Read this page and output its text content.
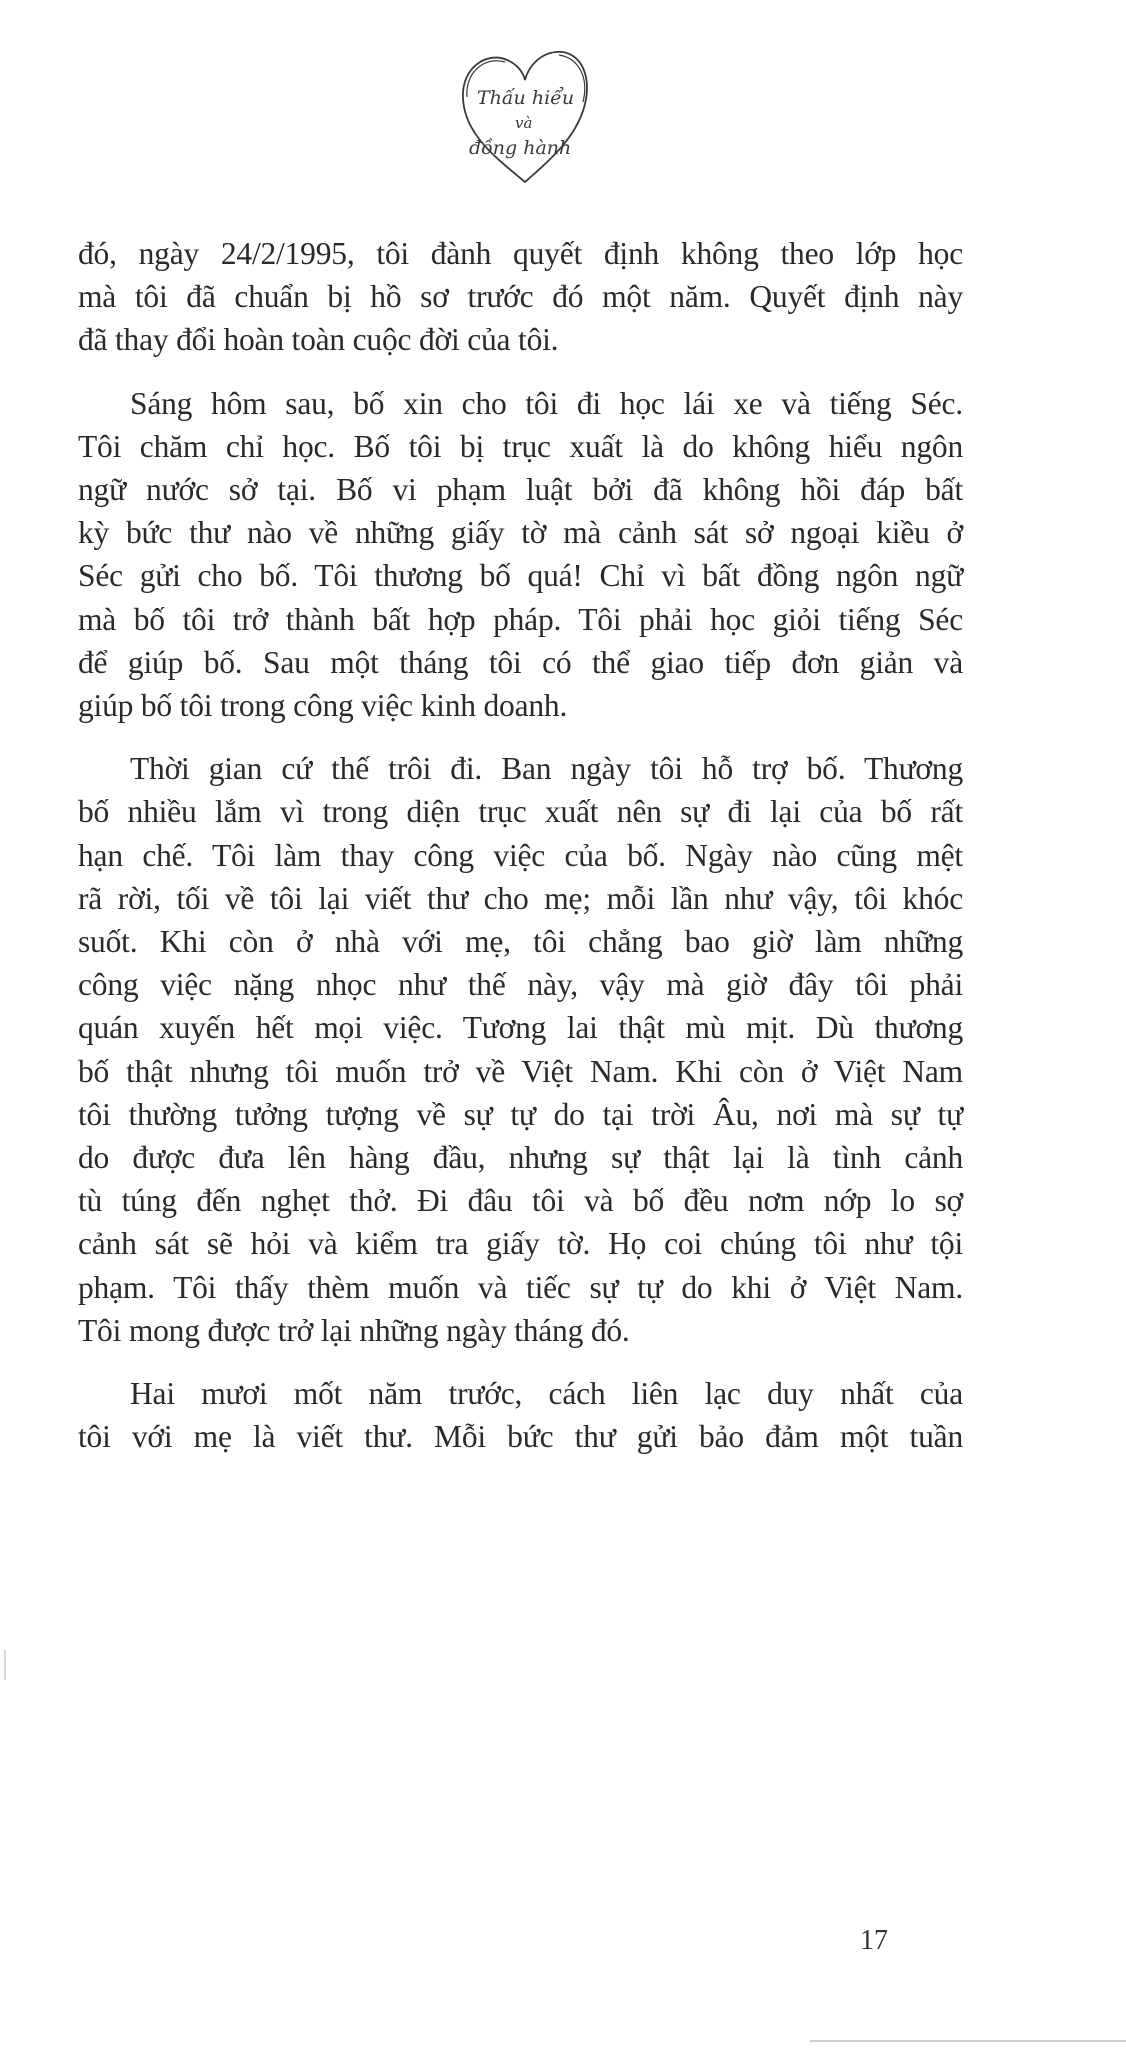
Thấu hiểu
và
đồng hành

đó, ngày 24/2/1995, tôi đành quyết định không theo lớp học
mà tôi đã chuẩn bị hồ sơ trước đó một năm. Quyết định này
đã thay đổi hoàn toàn cuộc đời của tôi.

Sáng hôm sau, bố xin cho tôi đi học lái xe và tiếng Séc.
Tôi chăm chỉ học. Bố tôi bị trục xuất là do không hiểu ngôn
ngữ nước sở tại. Bố vi phạm luật bởi đã không hồi đáp bất
kỳ bức thư nào về những giấy tờ mà cảnh sát sở ngoại kiều ở
Séc gửi cho bố. Tôi thương bố quá! Chỉ vì bất đồng ngôn ngữ
mà bố tôi trở thành bất hợp pháp. Tôi phải học giỏi tiếng Séc
để giúp bố. Sau một tháng tôi có thể giao tiếp đơn giản và
giúp bố tôi trong công việc kinh doanh.

Thời gian cứ thế trôi đi. Ban ngày tôi hỗ trợ bố. Thương
bố nhiều lắm vì trong diện trục xuất nên sự đi lại của bố rất
hạn chế. Tôi làm thay công việc của bố. Ngày nào cũng mệt
rã rời, tối về tôi lại viết thư cho mẹ; mỗi lần như vậy, tôi khóc
suốt. Khi còn ở nhà với mẹ, tôi chẳng bao giờ làm những
công việc nặng nhọc như thế này, vậy mà giờ đây tôi phải
quán xuyến hết mọi việc. Tương lai thật mù mịt. Dù thương
bố thật nhưng tôi muốn trở về Việt Nam. Khi còn ở Việt Nam
tôi thường tưởng tượng về sự tự do tại trời Âu, nơi mà sự tự
do được đưa lên hàng đầu, nhưng sự thật lại là tình cảnh
tù túng đến nghẹt thở. Đi đâu tôi và bố đều nơm nớp lo sợ
cảnh sát sẽ hỏi và kiểm tra giấy tờ. Họ coi chúng tôi như tội
phạm. Tôi thấy thèm muốn và tiếc sự tự do khi ở Việt Nam.
Tôi mong được trở lại những ngày tháng đó.

Hai mươi mốt năm trước, cách liên lạc duy nhất của
tôi với mẹ là viết thư. Mỗi bức thư gửi bảo đảm một tuần

17
